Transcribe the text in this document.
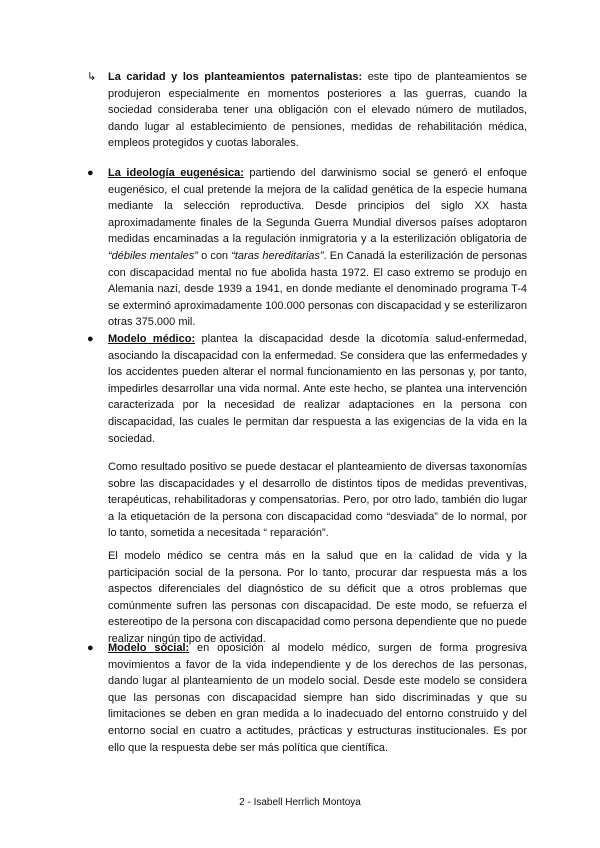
↳ La caridad y los planteamientos paternalistas: este tipo de planteamientos se produjeron especialmente en momentos posteriores a las guerras, cuando la sociedad consideraba tener una obligación con el elevado número de mutilados, dando lugar al establecimiento de pensiones, medidas de rehabilitación médica, empleos protegidos y cuotas laborales.

●	La ideología eugenésica: partiendo del darwinismo social se generó el enfoque eugenésico, el cual pretende la mejora de la calidad genética de la especie humana mediante la selección reproductiva. Desde principios del siglo XX hasta aproximadamente finales de la Segunda Guerra Mundial diversos países adoptaron medidas encaminadas a la regulación inmigratoria y a la esterilización obligatoria de “débiles mentales” o con “taras hereditarias”. En Canadá la esterilización de personas con discapacidad mental no fue abolida hasta 1972. El caso extremo se produjo en Alemania nazi, desde 1939 a 1941, en donde mediante el denominado programa T-4 se exterminó aproximadamente 100.000 personas con discapacidad y se esterilizaron otras 375.000 mil.

●	Modelo médico: plantea la discapacidad desde la dicotomía salud-enfermedad, asociando la discapacidad con la enfermedad. Se considera que las enfermedades y los accidentes pueden alterar el normal funcionamiento en las personas y, por tanto, impedirles desarrollar una vida normal. Ante este hecho, se plantea una intervención caracterizada por la necesidad de realizar adaptaciones en la persona con discapacidad, las cuales le permitan dar respuesta a las exigencias de la vida en la sociedad.

Como resultado positivo se puede destacar el planteamiento de diversas taxonomías sobre las discapacidades y el desarrollo de distintos tipos de medidas preventivas, terapéuticas, rehabilitadoras y compensatorias. Pero, por otro lado, también dio lugar a la etiquetación de la persona con discapacidad como “desviada” de lo normal, por lo tanto, sometida a necesitada “ reparación”.

El modelo médico se centra más en la salud que en la calidad de vida y la participación social de la persona. Por lo tanto, procurar dar respuesta más a los aspectos diferenciales del diagnóstico de su déficit que a otros problemas que comúnmente sufren las personas con discapacidad. De este modo, se refuerza el estereotipo de la persona con discapacidad como persona dependiente que no puede realizar ningún tipo de actividad.

●	Modelo social: en oposición al modelo médico, surgen de forma progresiva movimientos a favor de la vida independiente y de los derechos de las personas, dando lugar al planteamiento de un modelo social. Desde este modelo se considera que las personas con discapacidad siempre han sido discriminadas y que su limitaciones se deben en gran medida a lo inadecuado del entorno construido y del entorno social en cuatro a actitudes, prácticas y estructuras institucionales. Es por ello que la respuesta debe ser más política que científica.

2 - Isabell Herrlich Montoya
